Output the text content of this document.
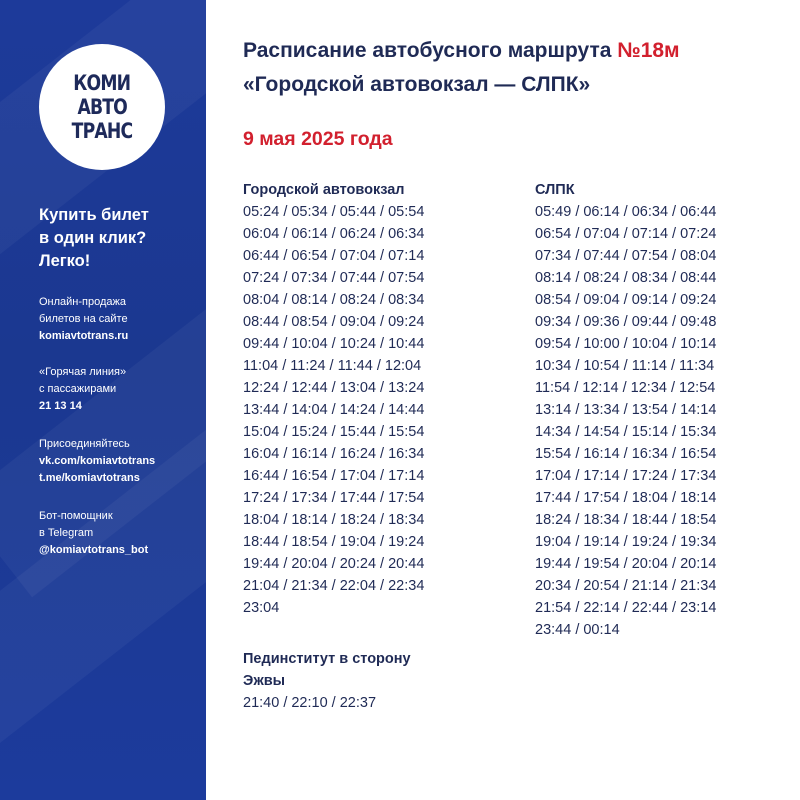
КОМИ
АВТО
ТРАНС
Купить билет
в один клик?
Легко!
Онлайн-продажа
билетов на сайте
komiavtotrans.ru
«Горячая линия»
с пассажирами
21 13 14
Присоединяйтесь
vk.com/komiavtotrans
t.me/komiavtotrans
Бот-помощник
в Telegram
@komiavtotrans_bot
Расписание автобусного маршрута №18м
«Городской автовокзал — СЛПК»
9 мая 2025 года
Городской автовокзал
05:24 / 05:34 / 05:44 / 05:54
06:04 / 06:14 / 06:24 / 06:34
06:44 / 06:54 / 07:04 / 07:14
07:24 / 07:34 / 07:44 / 07:54
08:04 / 08:14 / 08:24 / 08:34
08:44 / 08:54 / 09:04 / 09:24
09:44 / 10:04 / 10:24 / 10:44
11:04 / 11:24 / 11:44 / 12:04
12:24 / 12:44 / 13:04 / 13:24
13:44 / 14:04 / 14:24 / 14:44
15:04 / 15:24 / 15:44 / 15:54
16:04 / 16:14 / 16:24 / 16:34
16:44 / 16:54 / 17:04 / 17:14
17:24 / 17:34 / 17:44 / 17:54
18:04 / 18:14 / 18:24 / 18:34
18:44 / 18:54 / 19:04 / 19:24
19:44 / 20:04 / 20:24 / 20:44
21:04 / 21:34 / 22:04 / 22:34
23:04
СЛПК
05:49 / 06:14 / 06:34 / 06:44
06:54 / 07:04 / 07:14 / 07:24
07:34 / 07:44 / 07:54 / 08:04
08:14 / 08:24 / 08:34 / 08:44
08:54 / 09:04 / 09:14 / 09:24
09:34 / 09:36 / 09:44 / 09:48
09:54 / 10:00 / 10:04 / 10:14
10:34 / 10:54 / 11:14 / 11:34
11:54 / 12:14 / 12:34 / 12:54
13:14 / 13:34 / 13:54 / 14:14
14:34 / 14:54 / 15:14 / 15:34
15:54 / 16:14 / 16:34 / 16:54
17:04 / 17:14 / 17:24 / 17:34
17:44 / 17:54 / 18:04 / 18:14
18:24 / 18:34 / 18:44 / 18:54
19:04 / 19:14 / 19:24 / 19:34
19:44 / 19:54 / 20:04 / 20:14
20:34 / 20:54 / 21:14 / 21:34
21:54 / 22:14 / 22:44 / 23:14
23:44 / 00:14
Пединститут в сторону
Эжвы
21:40 / 22:10 / 22:37
